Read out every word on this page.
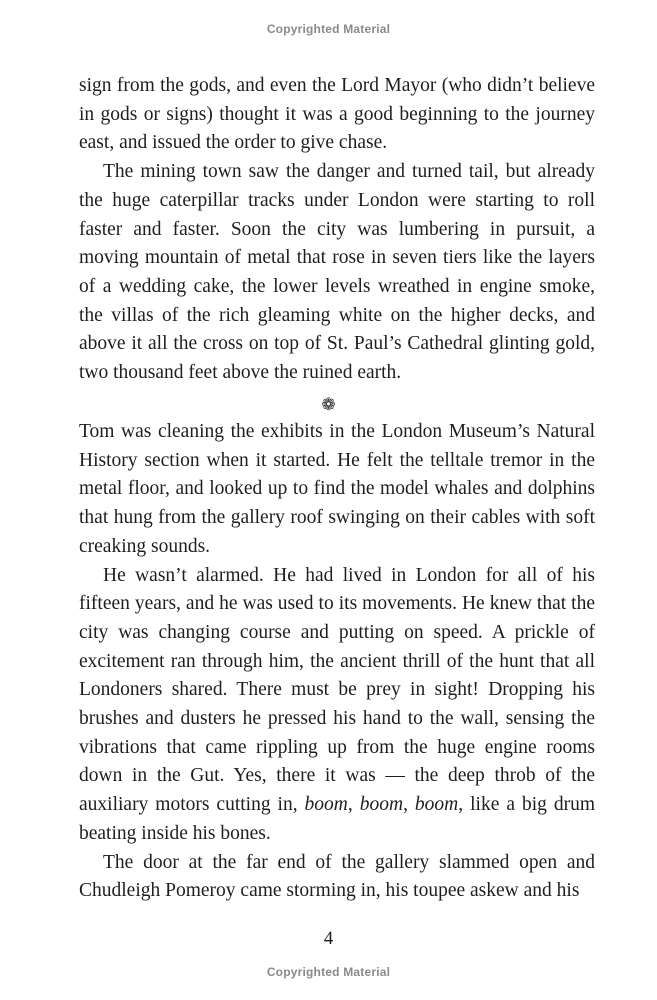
Copyrighted Material

sign from the gods, and even the Lord Mayor (who didn’t believe in gods or signs) thought it was a good beginning to the journey east, and issued the order to give chase.

The mining town saw the danger and turned tail, but already the huge caterpillar tracks under London were starting to roll faster and faster. Soon the city was lumbering in pursuit, a moving mountain of metal that rose in seven tiers like the layers of a wedding cake, the lower levels wreathed in engine smoke, the villas of the rich gleaming white on the higher decks, and above it all the cross on top of St. Paul’s Cathedral glinting gold, two thousand feet above the ruined earth.

❁

Tom was cleaning the exhibits in the London Museum’s Natural History section when it started. He felt the telltale tremor in the metal floor, and looked up to find the model whales and dolphins that hung from the gallery roof swinging on their cables with soft creaking sounds.

He wasn’t alarmed. He had lived in London for all of his fifteen years, and he was used to its movements. He knew that the city was changing course and putting on speed. A prickle of excitement ran through him, the ancient thrill of the hunt that all Londoners shared. There must be prey in sight! Dropping his brushes and dusters he pressed his hand to the wall, sensing the vibrations that came rippling up from the huge engine rooms down in the Gut. Yes, there it was — the deep throb of the auxiliary motors cutting in, boom, boom, boom, like a big drum beating inside his bones.

The door at the far end of the gallery slammed open and Chudleigh Pomeroy came storming in, his toupee askew and his

4
Copyrighted Material
